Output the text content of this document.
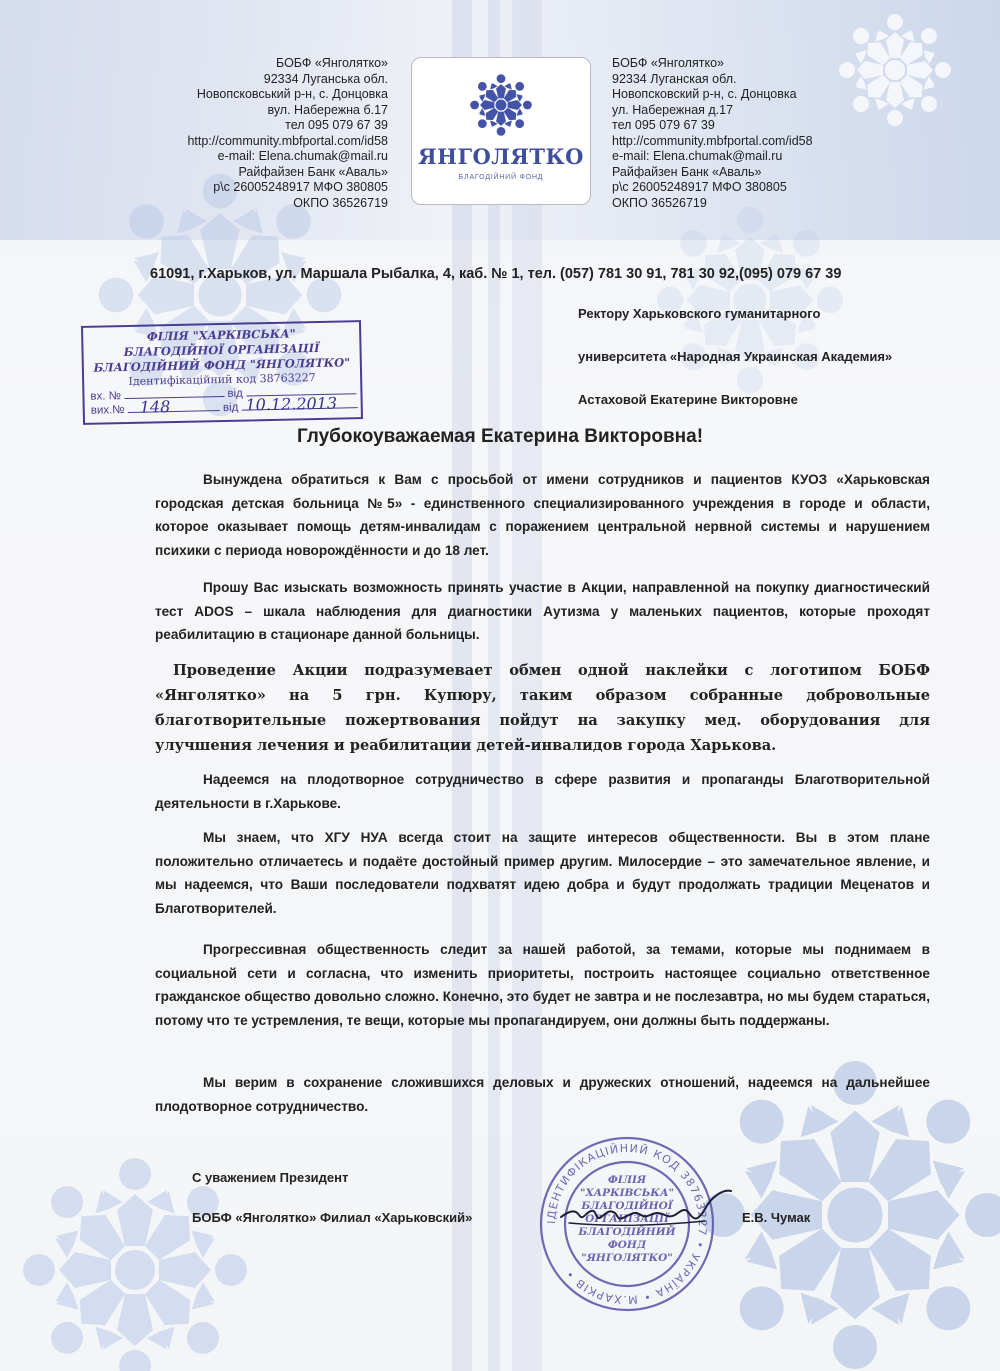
БОБФ «Янголятко»
92334 Луганська обл.
Новопсковський р-н, с. Донцовка
вул. Набережна б.17
тел 095 079 67 39
http://community.mbfportal.com/id58
e-mail: Elena.chumak@mail.ru
Райфайзен Банк «Аваль»
р\с 26005248917 МФО 380805
ОКПО 36526719
ЯНГОЛЯТКО
БЛАГОДІЙНИЙ ФОНД
БОБФ «Янголятко»
92334 Луганская обл.
Новопсковский р-н, с. Донцовка
ул. Набережная д.17
тел 095 079 67 39
http://community.mbfportal.com/id58
e-mail: Elena.chumak@mail.ru
Райфайзен Банк «Аваль»
р\с 26005248917 МФО 380805
ОКПО 36526719
61091, г.Харьков, ул. Маршала Рыбалка, 4, каб. № 1, тел. (057) 781 30 91, 781 30 92,(095) 079 67 39
ФІЛІЯ "ХАРКІВСЬКА"
БЛАГОДІЙНОЇ ОРГАНІЗАЦІЇ
БЛАГОДІЙНИЙ ФОНД "ЯНГОЛЯТКО"
Ідентифікаційний код 38763227
вх. №	від
вих.№ 148	від 10.12.2013
Ректору Харьковского гуманитарного
университета «Народная Украинская Академия»
Астаховой Екатерине Викторовне
Глубокоуважаемая Екатерина Викторовна!
Вынуждена обратиться к Вам с просьбой от имени сотрудников и пациентов КУОЗ «Харьковская городская детская больница №5» - единственного специализированного учреждения в городе и области, которое оказывает помощь детям-инвалидам с поражением центральной нервной системы и нарушением психики с периода новорождённости и до 18 лет.
Прошу Вас изыскать возможность принять участие в Акции, направленной на покупку диагностический тест ADOS – шкала наблюдения для диагностики Аутизма у маленьких пациентов, которые проходят реабилитацию в стационаре данной больницы.
Проведение Акции подразумевает обмен одной наклейки с логотипом БОБФ «Янголятко» на 5 грн. Купюру, таким образом собранные добровольные благотворительные пожертвования пойдут на закупку мед. оборудования для улучшения лечения и реабилитации детей-инвалидов города Харькова.
Надеемся на плодотворное сотрудничество в сфере развития и пропаганды Благотворительной деятельности в г.Харькове.
Мы знаем, что ХГУ НУА всегда стоит на защите интересов общественности. Вы в этом плане положительно отличаетесь и подаёте достойный пример другим. Милосердие – это замечательное явление, и мы надеемся, что Ваши последователи подхватят идею добра и будут продолжать традиции Меценатов и Благотворителей.
Прогрессивная общественность следит за нашей работой, за темами, которые мы поднимаем в социальной сети и согласна, что изменить приоритеты, построить настоящее социально ответственное гражданское общество довольно сложно. Конечно, это будет не завтра и не послезавтра, но мы будем стараться, потому что те устремления, те вещи, которые мы пропагандируем, они должны быть поддержаны.
Мы верим в сохранение сложившихся деловых и дружеских отношений, надеемся на дальнейшее плодотворное сотрудничество.
ІДЕНТИФІКАЦІЙНИЙ КОД 38763227 • УКРАЇНА • М.ХАРКІВ •
ФІЛІЯ
"ХАРКІВСЬКА"
БЛАГОДІЙНОЇ
ОРГАНІЗАЦІЇ
БЛАГОДІЙНИЙ
ФОНД
"ЯНГОЛЯТКО"
С уважением Президент
БОБФ «Янголятко» Филиал «Харьковский»	Е.В. Чумак
